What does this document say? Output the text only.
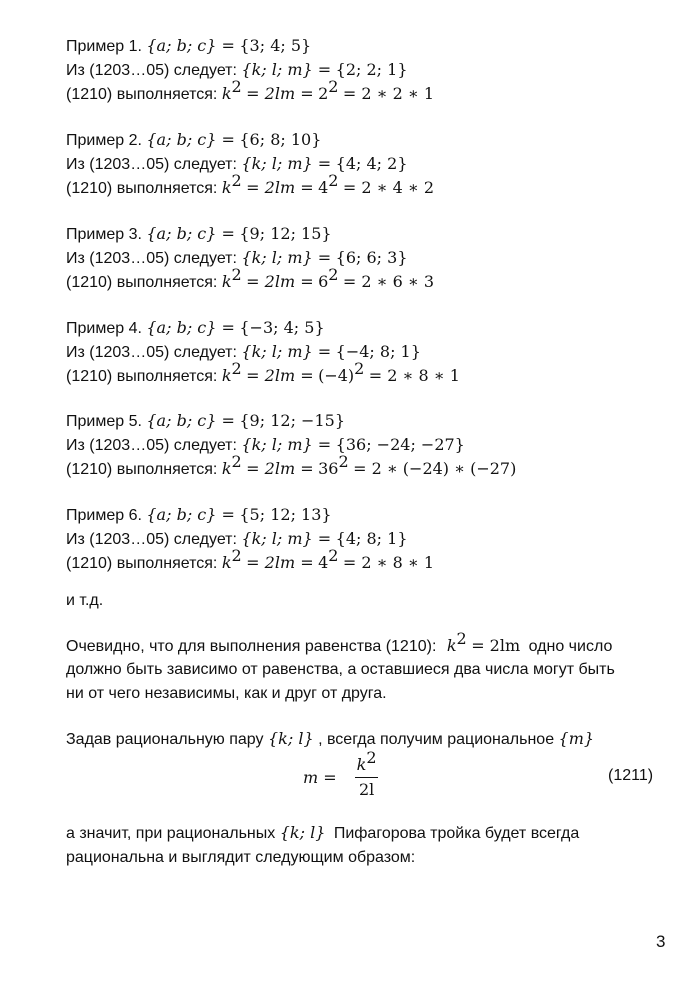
Пример 1. {a; b; c} = {3; 4; 5}
Из (1203…05) следует: {k; l; m} = {2; 2; 1}
(1210) выполняется: $k^2 = 2lm = 2^2 = 2$ ∗ 2 ∗ 1
Пример 2. {a; b; c} = {6; 8; 10}
Из (1203…05) следует: {k; l; m} = {4; 4; 2}
(1210) выполняется: $k^2 = 2lm = 4^2 = 2$ ∗ 4 ∗ 2
Пример 3. {a; b; c} = {9; 12; 15}
Из (1203…05) следует: {k; l; m} = {6; 6; 3}
(1210) выполняется: $k^2 = 2lm = 6^2 = 2$ ∗ 6 ∗ 3
Пример 4. {a; b; c} = {−3; 4; 5}
Из (1203…05) следует: {k; l; m} = {−4; 8; 1}
(1210) выполняется: $k^2 = 2lm = (-4)^2 = 2$ ∗ 8 ∗ 1
Пример 5. {a; b; c} = {9; 12; −15}
Из (1203…05) следует: {k; l; m} = {36; −24; −27}
(1210) выполняется: $k^2 = 2lm = 36^2 = 2$ ∗ (−24) ∗ (−27)
Пример 6. {a; b; c} = {5; 12; 13}
Из (1203…05) следует: {k; l; m} = {4; 8; 1}
(1210) выполняется: $k^2 = 2lm = 4^2 = 2$ ∗ 8 ∗ 1
и т.д.
Очевидно, что для выполнения равенства (1210): $k^2 = 2lm$ одно число
должно быть зависимо от равенства, а оставшиеся два числа могут быть
ни от чего независимы, как и друг от друга.
Задав рациональную пару {k; l} , всегда получим рациональное {m}
$m = \frac{k^2}{2l}$	(1211)
а значит, при рациональных {k; l} Пифагорова тройка будет всегда
рациональна и выглядит следующим образом:
3
